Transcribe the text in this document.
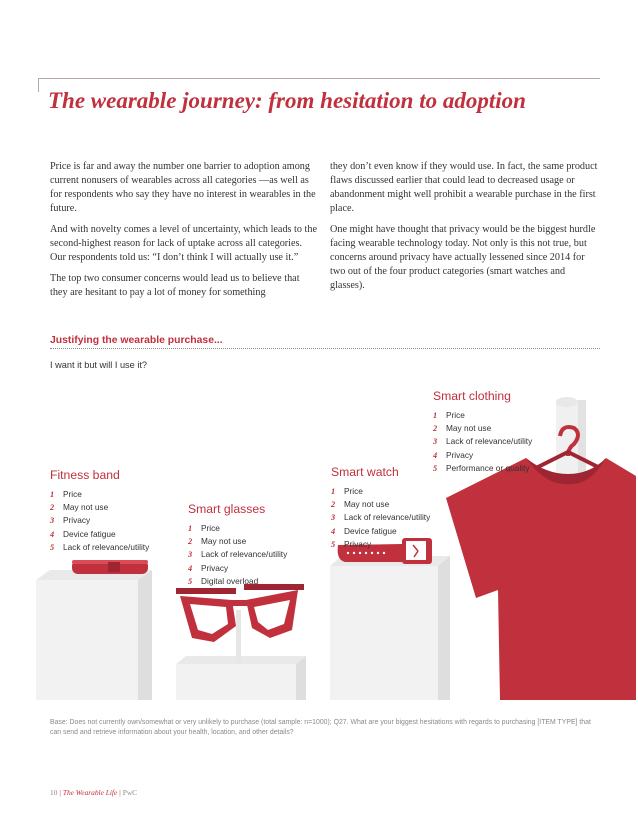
The wearable journey: from hesitation to adoption

Price is far and away the number one barrier to adoption among current nonusers of wearables across all categories —as well as for respondents who say they have no interest in wearables in the future.

And with novelty comes a level of uncertainty, which leads to the second-highest reason for lack of uptake across all categories. Our respondents told us: “I don’t think I will actually use it.”

The top two consumer concerns would lead us to believe that they are hesitant to pay a lot of money for something

they don’t even know if they would use. In fact, the same product flaws discussed earlier that could lead to decreased usage or abandonment might well prohibit a wearable purchase in the first place.

One might have thought that privacy would be the biggest hurdle facing wearable technology today. Not only is this not true, but concerns around privacy have actually lessened since 2014 for two out of the four product categories (smart watches and glasses).

Justifying the wearable purchase...
I want it but will I use it?
Fitness band
1 Price
2 May not use
3 Privacy
4 Device fatigue
5 Lack of relevance/utility
Smart glasses
1 Price
2 May not use
3 Lack of relevance/utility
4 Privacy
5 Digital overload
Smart watch
1 Price
2 May not use
3 Lack of relevance/utility
4 Device fatigue
5 Privacy
Smart clothing
1 Price
2 May not use
3 Lack of relevance/utility
4 Privacy
5 Performance or quality
Base: Does not currently own/somewhat or very unlikely to purchase (total sample: n=1000); Q27. What are your biggest hesitations with regards to purchasing [ITEM TYPE] that can send and retrieve information about your health, location, and other details?
10 | The Wearable Life | PwC
